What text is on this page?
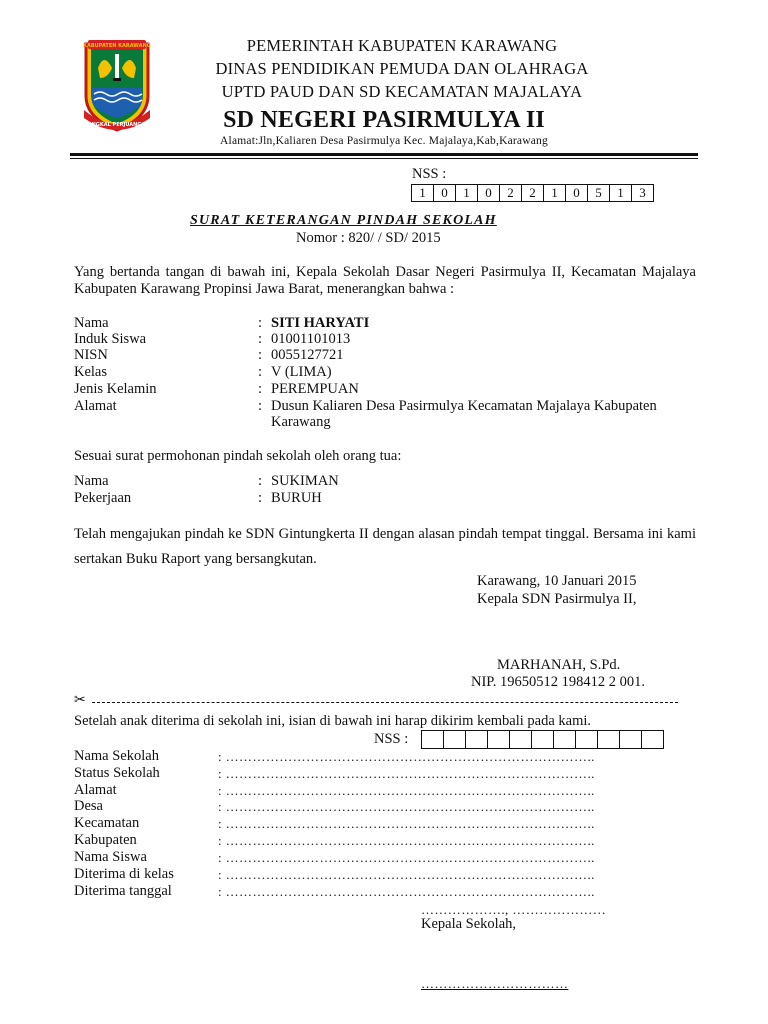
KABUPATEN KARAWANG
PANGKAL PERJUANGAN
PEMERINTAH KABUPATEN KARAWANG
DINAS PENDIDIKAN PEMUDA DAN OLAHRAGA
UPTD PAUD DAN SD KECAMATAN MAJALAYA
SD NEGERI PASIRMULYA II
Alamat:Jln,Kaliaren Desa Pasirmulya Kec. Majalaya,Kab,Karawang
NSS :
1	0	1	0	2	2	1	0	5	1	3
SURAT KETERANGAN PINDAH SEKOLAH
Nomor : 820/ / SD/ 2015
Yang bertanda tangan di bawah ini, Kepala Sekolah Dasar Negeri Pasirmulya II, Kecamatan Majalaya Kabupaten Karawang Propinsi Jawa Barat, menerangkan bahwa :
Nama	: SITI HARYATI
Induk Siswa	: 01001101013
NISN	: 0055127721
Kelas	: V (LIMA)
Jenis Kelamin	: PEREMPUAN
Alamat	: Dusun Kaliaren Desa Pasirmulya Kecamatan Majalaya Kabupaten
Karawang
Sesuai surat permohonan pindah sekolah oleh orang tua:
Nama	: SUKIMAN
Pekerjaan	: BURUH
Telah mengajukan pindah ke SDN Gintungkerta II dengan alasan pindah tempat tinggal. Bersama ini kami sertakan Buku Raport yang bersangkutan.
Karawang, 10 Januari 2015
Kepala SDN Pasirmulya II,
MARHANAH, S.Pd.
NIP. 19650512 198412 2 001.
✂
Setelah anak diterima di sekolah ini, isian di bawah ini harap dikirim kembali pada kami.
NSS :
Nama Sekolah	: ………………………………………………………………………..
Status Sekolah	: ………………………………………………………………………..
Alamat	: ………………………………………………………………………..
Desa	: ………………………………………………………………………..
Kecamatan	: ………………………………………………………………………..
Kabupaten	: ………………………………………………………………………..
Nama Siswa	: ………………………………………………………………………..
Diterima di kelas	: ………………………………………………………………………..
Diterima tanggal	: ………………………………………………………………………..
………………., …………………
Kepala Sekolah,
……………………………
